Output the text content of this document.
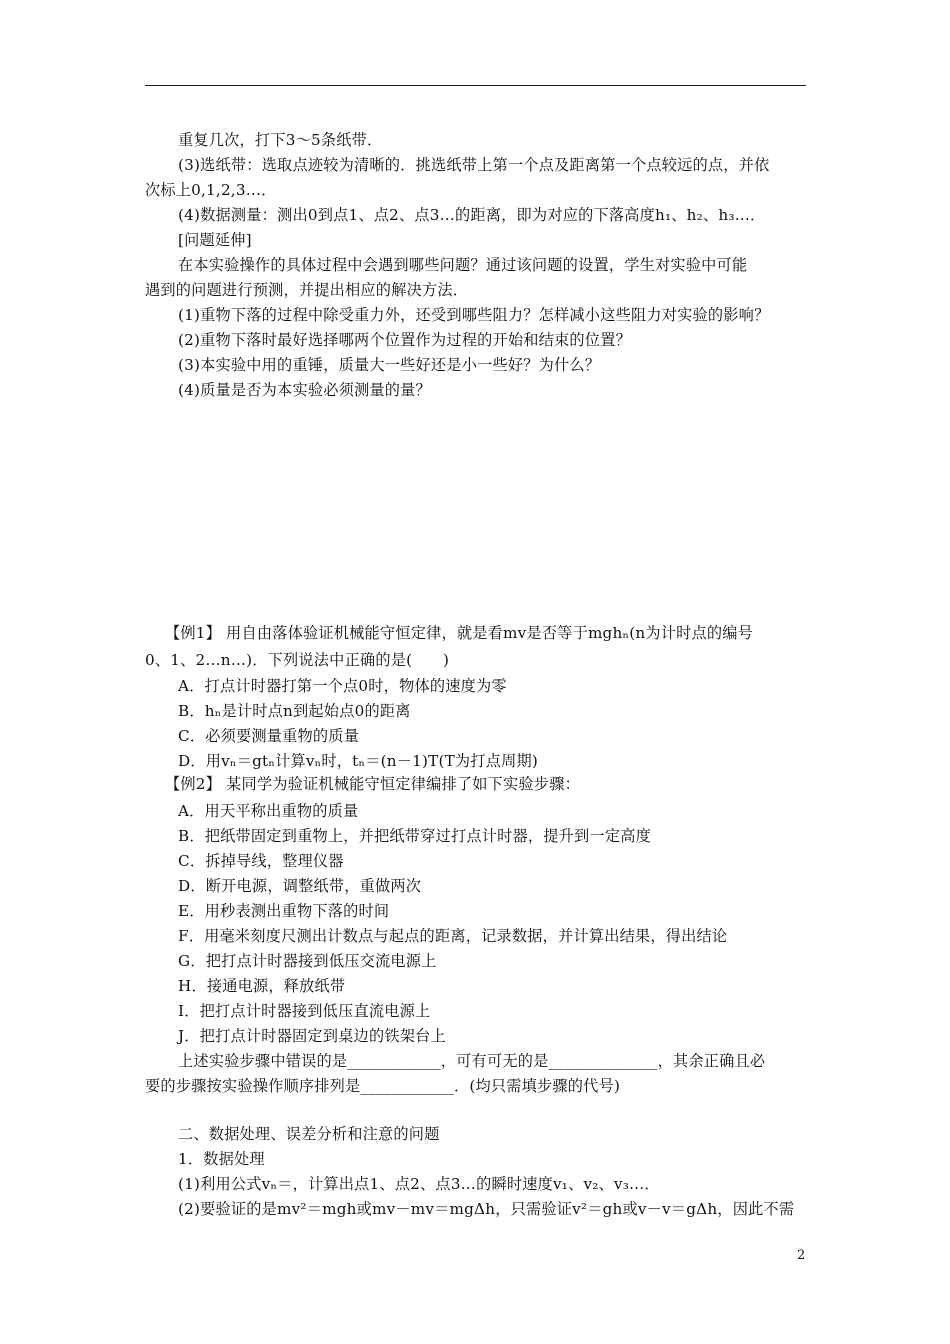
重复几次，打下3～5条纸带．
(3)选纸带：选取点迹较为清晰的．挑选纸带上第一个点及距离第一个点较远的点，并依
次标上0,1,2,3…．
(4)数据测量：测出0到点1、点2、点3…的距离，即为对应的下落高度h₁、h₂、h₃…．
[问题延伸]
在本实验操作的具体过程中会遇到哪些问题？通过该问题的设置，学生对实验中可能
遇到的问题进行预测，并提出相应的解决方法．
(1)重物下落的过程中除受重力外，还受到哪些阻力？怎样减小这些阻力对实验的影响？
(2)重物下落时最好选择哪两个位置作为过程的开始和结束的位置？
(3)本实验中用的重锤，质量大一些好还是小一些好？为什么？
(4)质量是否为本实验必须测量的量？
【例1】 用自由落体验证机械能守恒定律，就是看mv是否等于mghₙ(n为计时点的编号
0、1、2…n…)．下列说法中正确的是(　　)
A．打点计时器打第一个点0时，物体的速度为零
B．hₙ是计时点n到起始点0的距离
C．必须要测量重物的质量
D．用vₙ＝gtₙ计算vₙ时，tₙ＝(n－1)T(T为打点周期)
【例2】 某同学为验证机械能守恒定律编排了如下实验步骤：
A．用天平称出重物的质量
B．把纸带固定到重物上，并把纸带穿过打点计时器，提升到一定高度
C．拆掉导线，整理仪器
D．断开电源，调整纸带，重做两次
E．用秒表测出重物下落的时间
F．用毫米刻度尺测出计数点与起点的距离，记录数据，并计算出结果，得出结论
G．把打点计时器接到低压交流电源上
H．接通电源，释放纸带
I．把打点计时器接到低压直流电源上
J．把打点计时器固定到桌边的铁架台上
上述实验步骤中错误的是____________，可有可无的是______________，其余正确且必
要的步骤按实验操作顺序排列是____________．(均只需填步骤的代号)
二、数据处理、误差分析和注意的问题
1．数据处理
(1)利用公式vₙ＝，计算出点1、点2、点3…的瞬时速度v₁、v₂、v₃…．
(2)要验证的是mv²＝mgh或mv－mv＝mgΔh，只需验证v²＝gh或v－v＝gΔh，因此不需
2
